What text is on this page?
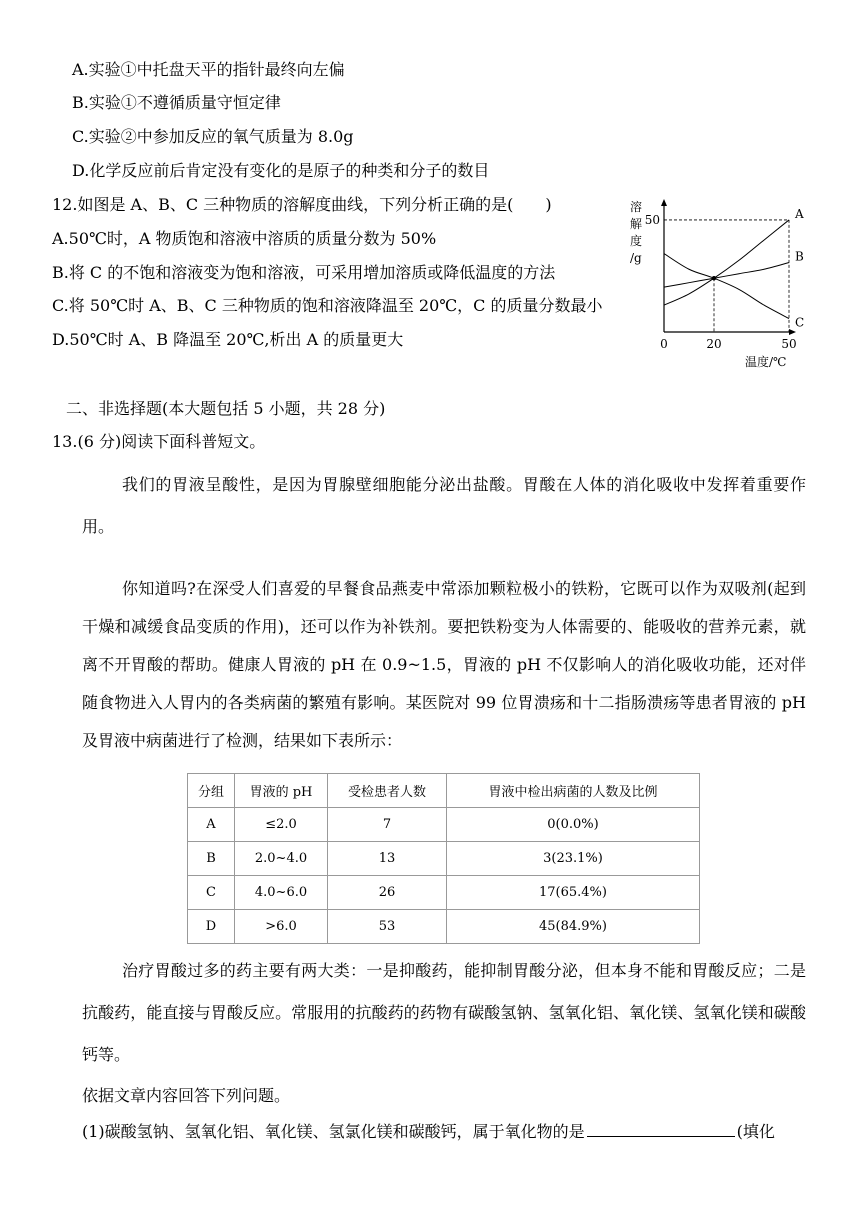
A.实验①中托盘天平的指针最终向左偏
B.实验①不遵循质量守恒定律
C.实验②中参加反应的氧气质量为 8.0g
D.化学反应前后肯定没有变化的是原子的种类和分子的数目
12.如图是 A、B、C 三种物质的溶解度曲线，下列分析正确的是(　　)
A.50℃时，A 物质饱和溶液中溶质的质量分数为 50%
B.将 C 的不饱和溶液变为饱和溶液，可采用增加溶质或降低温度的方法
C.将 50℃时 A、B、C 三种物质的饱和溶液降温至 20℃，C 的质量分数最小
D.50℃时 A、B 降温至 20℃,析出 A 的质量更大
A
B
C
0	20	50
50
溶
解
度
/g
温度/℃
二、非选择题(本大题包括 5 小题，共 28 分)
13.(6 分)阅读下面科普短文。
我们的胃液呈酸性，是因为胃腺壁细胞能分泌出盐酸。胃酸在人体的消化吸收中发挥着重要作用。
你知道吗?在深受人们喜爱的早餐食品燕麦中常添加颗粒极小的铁粉，它既可以作为双吸剂(起到干燥和减缓食品变质的作用)，还可以作为补铁剂。要把铁粉变为人体需要的、能吸收的营养元素，就离不开胃酸的帮助。健康人胃液的 pH 在 0.9~1.5，胃液的 pH 不仅影响人的消化吸收功能，还对伴随食物进入人胃内的各类病菌的繁殖有影响。某医院对 99 位胃溃疡和十二指肠溃疡等患者胃液的 pH 及胃液中病菌进行了检测，结果如下表所示：
分组	胃液的 pH	受检患者人数	胃液中检出病菌的人数及比例
A	≤2.0	7	0(0.0%)
B	2.0~4.0	13	3(23.1%)
C	4.0~6.0	26	17(65.4%)
D	>6.0	53	45(84.9%)
治疗胃酸过多的药主要有两大类：一是抑酸药，能抑制胃酸分泌，但本身不能和胃酸反应；二是抗酸药，能直接与胃酸反应。常服用的抗酸药的药物有碳酸氢钠、氢氧化铝、氧化镁、氢氧化镁和碳酸钙等。
依据文章内容回答下列问题。
(1)碳酸氢钠、氢氧化铝、氧化镁、氢氯化镁和碳酸钙，属于氧化物的是	(填化
